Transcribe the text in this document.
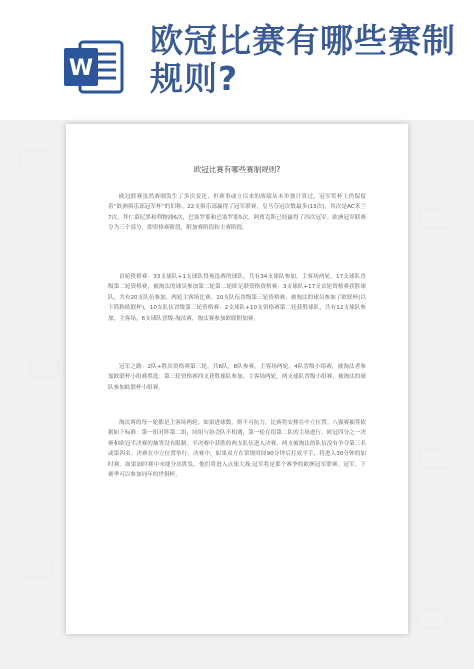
W
欧冠比赛有哪些赛制规则?

欧冠比赛有哪些赛制规则?

欧冠联赛虽然赛制发生了多次变化，但赛事或立以来的战绩从未单独计算过，冠军奖杯上仍保留着“欧洲俱乐部冠军杯”的旧称。22支俱乐部赢得了冠军联赛，皇马夺冠次数最多(13次)，其次是AC米兰7次，拜仁慕尼黑和利物浦6次，巴塞罗那和巴塞罗那5次。阿贾克斯已经赢得了四次冠军。欧洲冠军联赛分为三个部分，即资格赛阶段，附加赛阶段和主赛阶段。

首轮资格赛：33支球队+1支球队得预选赛的球队，共有34支球队参加，主客场两轮，17支球队晋级第二轮资格赛，被淘汰的球员参加第二轮第二轮欧足联资格资格赛：3支球队+17支首轮资格赛获胜球队，共有20支队伍参加，两轮主客场比赛。10支队伍晋级第三轮资格赛，被淘汰的球员参加了欧联杯(以下简称欧联杯)。10支队伍晋级第三轮资格赛：2支球队+10支资格赛第二轮获胜球队，共有12支球队参加，主客场，6支球队晋级-淘汰赛，淘汰赛参加欧联附加赛。

冠军之路：2队+胜出资格赛第三轮，共6队，8队参赛，主客场两轮，4队晋级小组赛，被淘汰者参加欧联杯小组赛胜选：第三轮资格赛四支获胜球队参加，主客场两轮，两支球队晋级小组赛，被淘汰的球队参加欧联杯小组赛。

淘汰赛的每一轮都是主客场两轮。如果进球数，则不可抗力，比赛将安排在中立位置。八强赛抽签依据如下标准：第一组对阵第二组，同组与协会队不相遇，第一轮在组第二队的主场进行。欧冠四分之一决赛和欧冠半决赛的抽签没有限制。半决赛中获胜的两支队伍进入决赛，两支被淘汰的队伍没有争夺第三名或第四名。决赛在中立位置举行。决赛中，如果双方在常规时间90分钟后打成平手，将进入30分钟的加时赛。如果加时赛中未能分出胜负，他们将进入点球大战;冠军将是那个赛季的欧洲冠军联赛。冠军，下赛季可以参加同年的世俱杯。
